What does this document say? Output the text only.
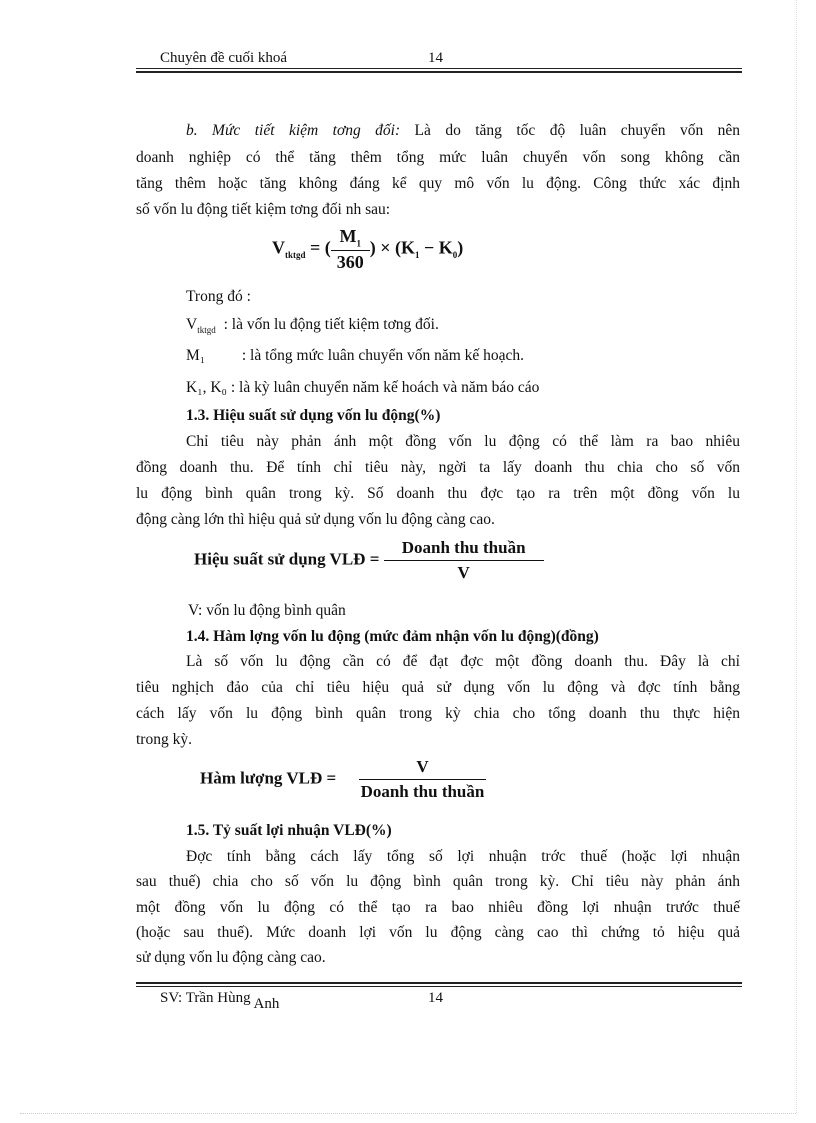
Chuyên đề cuối khoá	14
b. Mức tiết kiệm tơng đối: Là do tăng tốc độ luân chuyển vốn nên
doanh nghiệp có thể tăng thêm tổng mức luân chuyển vốn song không cần
tăng thêm hoặc tăng không đáng kể quy mô vốn lu động. Công thức xác định
số vốn lu động tiết kiệm tơng đối nh sau:
$V_{tktgd}$ = ( $\frac{M_1}{360}$ ) × $(K_1 - K_0)$
Trong đó :
$V_{tktgd}$ : là vốn lu động tiết kiệm tơng đối.
M₁ : là tổng mức luân chuyển vốn năm kế hoạch.
K₁, K₀ : là kỳ luân chuyển năm kế hoách và năm báo cáo
1.3. Hiệu suất sử dụng vốn lu động(%)
Chỉ tiêu này phản ánh một đồng vốn lu động có thể làm ra bao nhiêu
đồng doanh thu. Để tính chỉ tiêu này, ngời ta lấy doanh thu chia cho số vốn
lu động bình quân trong kỳ. Số doanh thu đợc tạo ra trên một đồng vốn lu
động càng lớn thì hiệu quả sử dụng vốn lu động càng cao.
Hiệu suất sử dụng VLĐ = $\frac{\text{Doanh thu thuần}}{V}$
V: vốn lu động bình quân
1.4. Hàm lợng vốn lu động (mức đảm nhận vốn lu động)(đồng)
Là số vốn lu động cần có để đạt đợc một đồng doanh thu. Đây là chỉ
tiêu nghịch đảo của chỉ tiêu hiệu quả sử dụng vốn lu động và đợc tính bằng
cách lấy vốn lu động bình quân trong kỳ chia cho tổng doanh thu thực hiện
trong kỳ.
Hàm lượng VLĐ = $\frac{V}{\text{Doanh thu thuần}}$
1.5. Tỷ suất lợi nhuận VLĐ(%)
Đợc tính bằng cách lấy tổng số lợi nhuận trớc thuế (hoặc lợi nhuận
sau thuế) chia cho số vốn lu động bình quân trong kỳ. Chỉ tiêu này phản ánh
một đồng vốn lu động có thể tạo ra bao nhiêu đồng lợi nhuận trước thuế
(hoặc sau thuế). Mức doanh lợi vốn lu động càng cao thì chứng tỏ hiệu quả
sử dụng vốn lu động càng cao.
SV: Trần Hùng Anh	14
